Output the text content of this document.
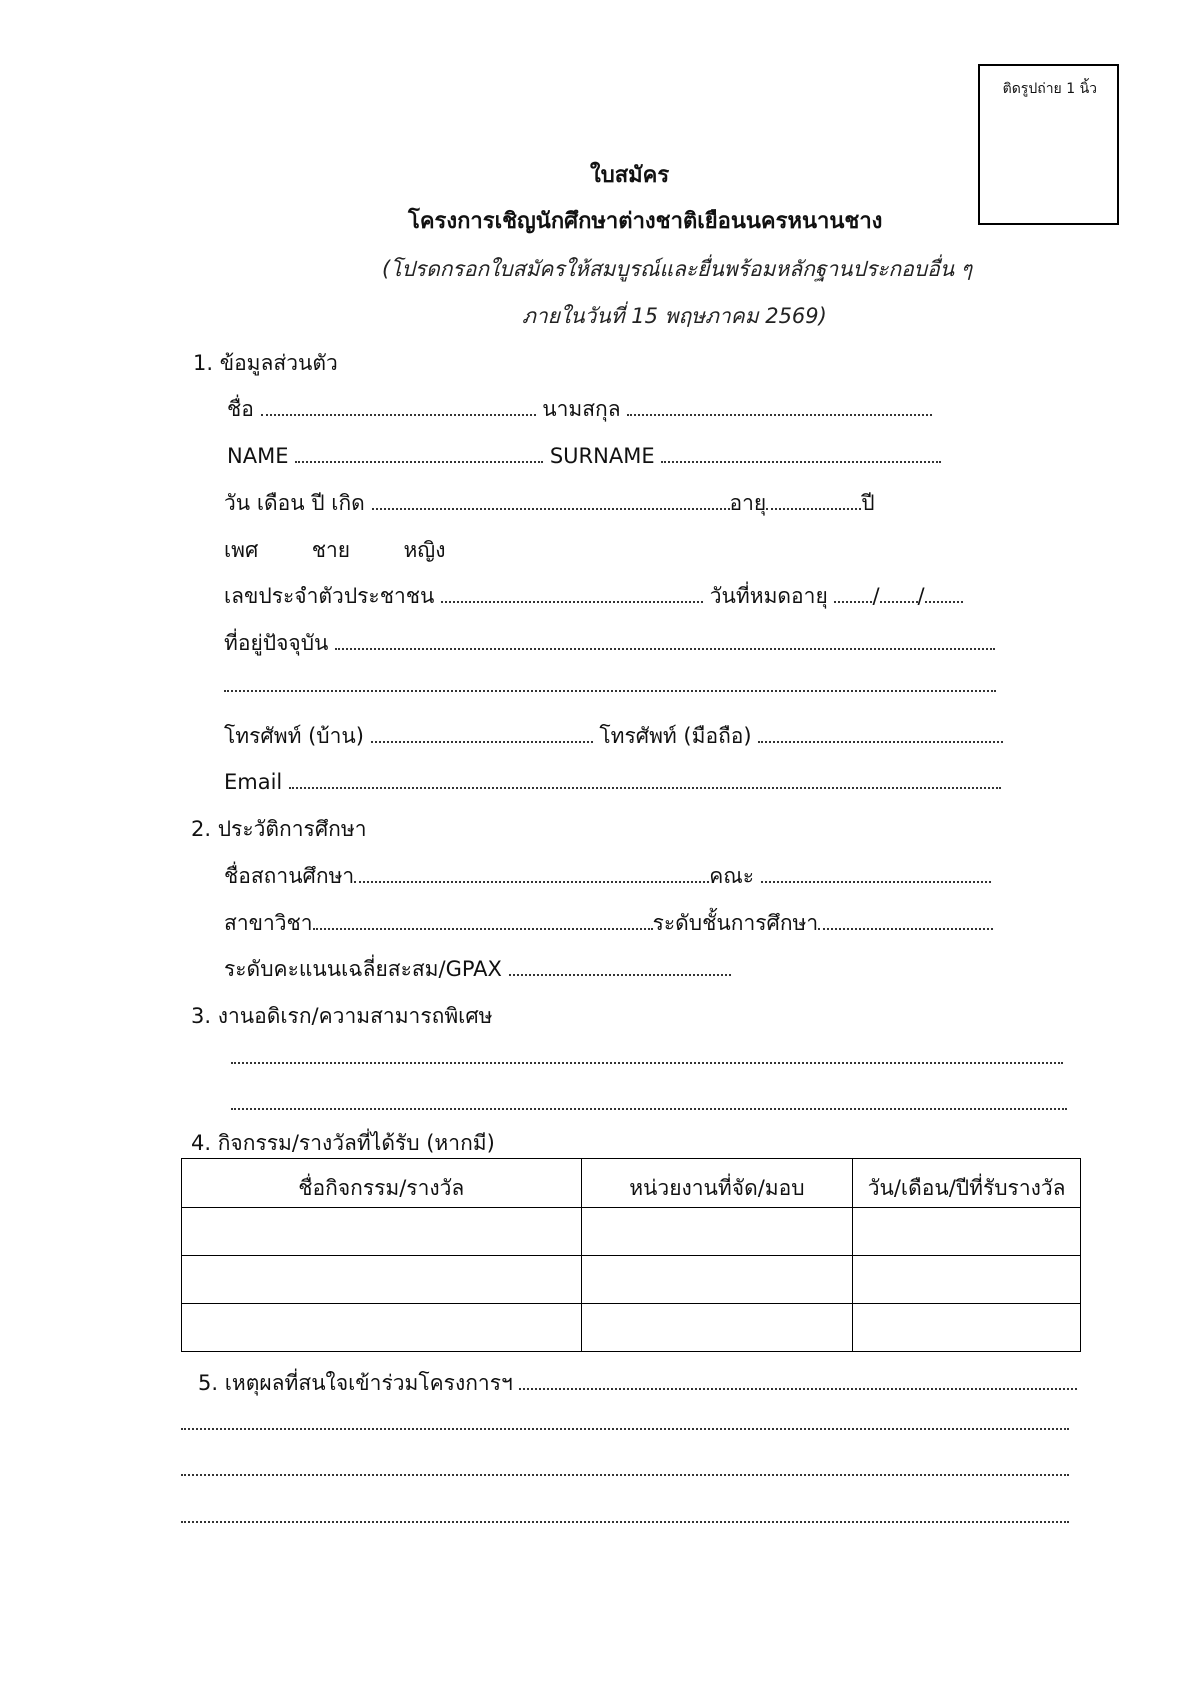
ติดรูปถ่าย 1 นิ้ว
ใบสมัคร
โครงการเชิญนักศึกษาต่างชาติเยือนนครหนานชาง
(โปรดกรอกใบสมัครให้สมบูรณ์และยื่นพร้อมหลักฐานประกอบอื่น ๆ
ภายในวันที่ 15 พฤษภาคม 2569)
1. ข้อมูลส่วนตัว
ชื่อ	นามสกุล
NAME	SURNAME
วัน เดือน ปี เกิด	อายุ	ปี
เพศ	ชาย	หญิง
เลขประจำตัวประชาชน	วันที่หมดอายุ / /
ที่อยู่ปัจจุบัน
โทรศัพท์ (บ้าน)	โทรศัพท์ (มือถือ)
Email
2. ประวัติการศึกษา
ชื่อสถานศึกษา	คณะ
สาขาวิชา	ระดับชั้นการศึกษา
ระดับคะแนนเฉลี่ยสะสม/GPAX
3. งานอดิเรก/ความสามารถพิเศษ
4. กิจกรรม/รางวัลที่ได้รับ (หากมี)
ชื่อกิจกรรม/รางวัล	หน่วยงานที่จัด/มอบ	วัน/เดือน/ปีที่รับรางวัล

5. เหตุผลที่สนใจเข้าร่วมโครงการฯ
